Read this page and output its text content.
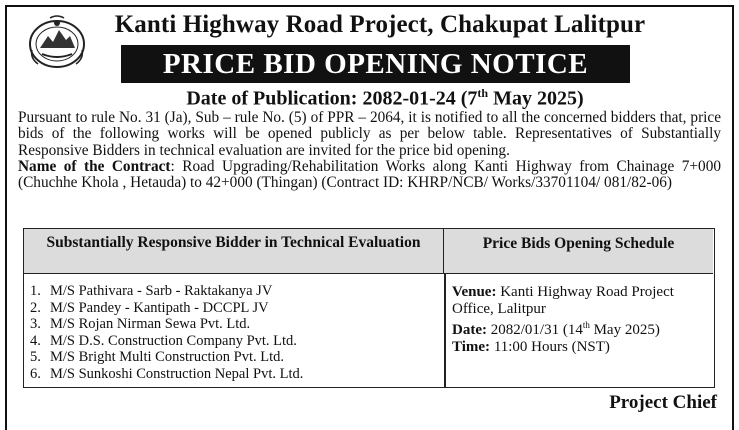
Kanti Highway Road Project, Chakupat Lalitpur
PRICE BID OPENING NOTICE
Date of Publication: 2082-01-24 (7th May 2025)

Pursuant to rule No. 31 (Ja), Sub – rule No. (5) of PPR – 2064, it is notified to all the concerned bidders that, price bids of the following works will be opened publicly as per below table. Representatives of Substantially Responsive Bidders in technical evaluation are invited for the price bid opening.

Name of the Contract: Road Upgrading/Rehabilitation Works along Kanti Highway from Chainage 7+000 (Chuchhe Khola , Hetauda) to 42+000 (Thingan) (Contract ID: KHRP/NCB/ Works/33701104/ 081/82-06)

Substantially Responsive Bidder in Technical Evaluation	Price Bids Opening Schedule
1. M/S Pathivara - Sarb - Raktakanya JV
2. M/S Pandey - Kantipath - DCCPL JV
3. M/S Rojan Nirman Sewa Pvt. Ltd.
4. M/S D.S. Construction Company Pvt. Ltd.
5. M/S Bright Multi Construction Pvt. Ltd.
6. M/S Sunkoshi Construction Nepal Pvt. Ltd.
Venue: Kanti Highway Road Project Office, Lalitpur
Date: 2082/01/31 (14th May 2025)
Time: 11:00 Hours (NST)
Project Chief
